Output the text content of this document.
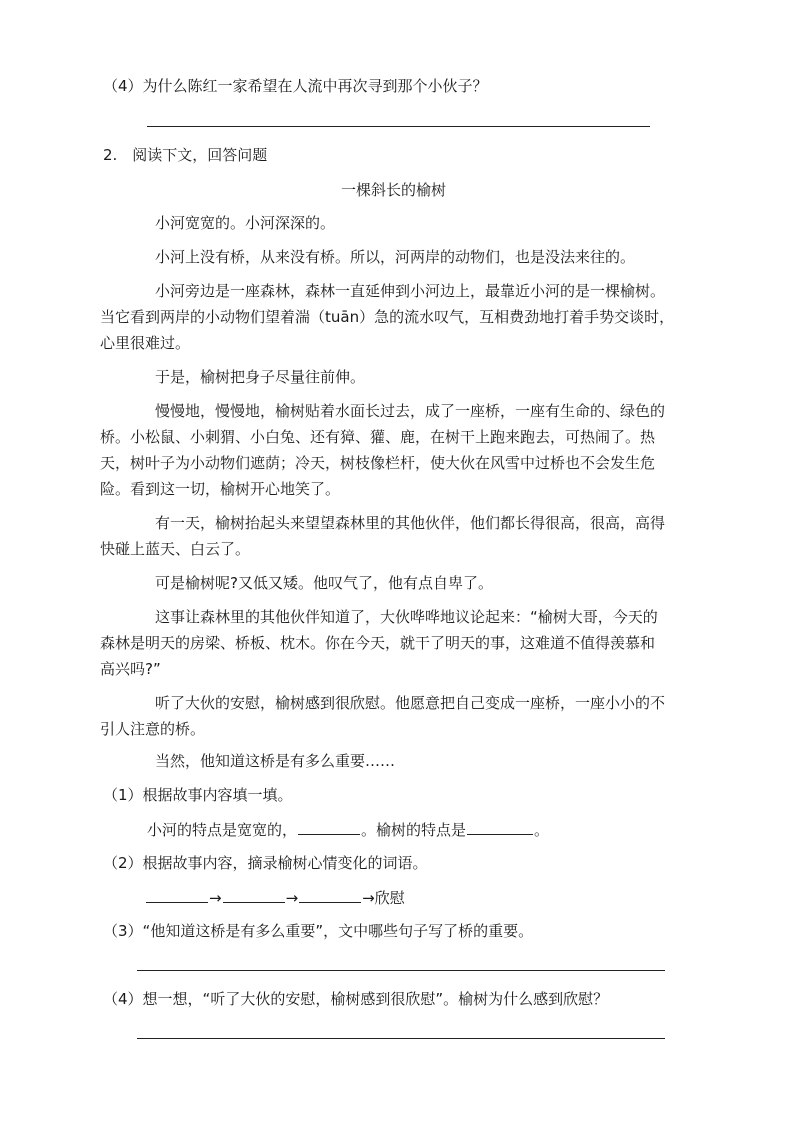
（4）为什么陈红一家希望在人流中再次寻到那个小伙子？
2.　阅读下文，回答问题
一棵斜长的榆树
小河宽宽的。小河深深的。
小河上没有桥，从来没有桥。所以，河两岸的动物们，也是没法来往的。
小河旁边是一座森林，森林一直延伸到小河边上，最靠近小河的是一棵榆树。
当它看到两岸的小动物们望着湍（tuān）急的流水叹气，互相费劲地打着手势交谈时，
心里很难过。
于是，榆树把身子尽量往前伸。
慢慢地，慢慢地，榆树贴着水面长过去，成了一座桥，一座有生命的、绿色的
桥。小松鼠、小刺猬、小白兔、还有獐、獾、鹿，在树干上跑来跑去，可热闹了。热
天，树叶子为小动物们遮荫；冷天，树枝像栏杆，使大伙在风雪中过桥也不会发生危
险。看到这一切，榆树开心地笑了。
有一天，榆树抬起头来望望森林里的其他伙伴，他们都长得很高，很高，高得
快碰上蓝天、白云了。
可是榆树呢?又低又矮。他叹气了，他有点自卑了。
这事让森林里的其他伙伴知道了，大伙哗哗地议论起来：“榆树大哥，今天的
森林是明天的房梁、桥板、枕木。你在今天，就干了明天的事，这难道不值得羡慕和
高兴吗?”
听了大伙的安慰，榆树感到很欣慰。他愿意把自己变成一座桥，一座小小的不
引人注意的桥。
当然，他知道这桥是有多么重要……
（1）根据故事内容填一填。
小河的特点是宽宽的，	。榆树的特点是	。
（2）根据故事内容，摘录榆树心情变化的词语。
→	→	→欣慰
（3）“他知道这桥是有多么重要”，文中哪些句子写了桥的重要。
（4）想一想，“听了大伙的安慰，榆树感到很欣慰”。榆树为什么感到欣慰？
